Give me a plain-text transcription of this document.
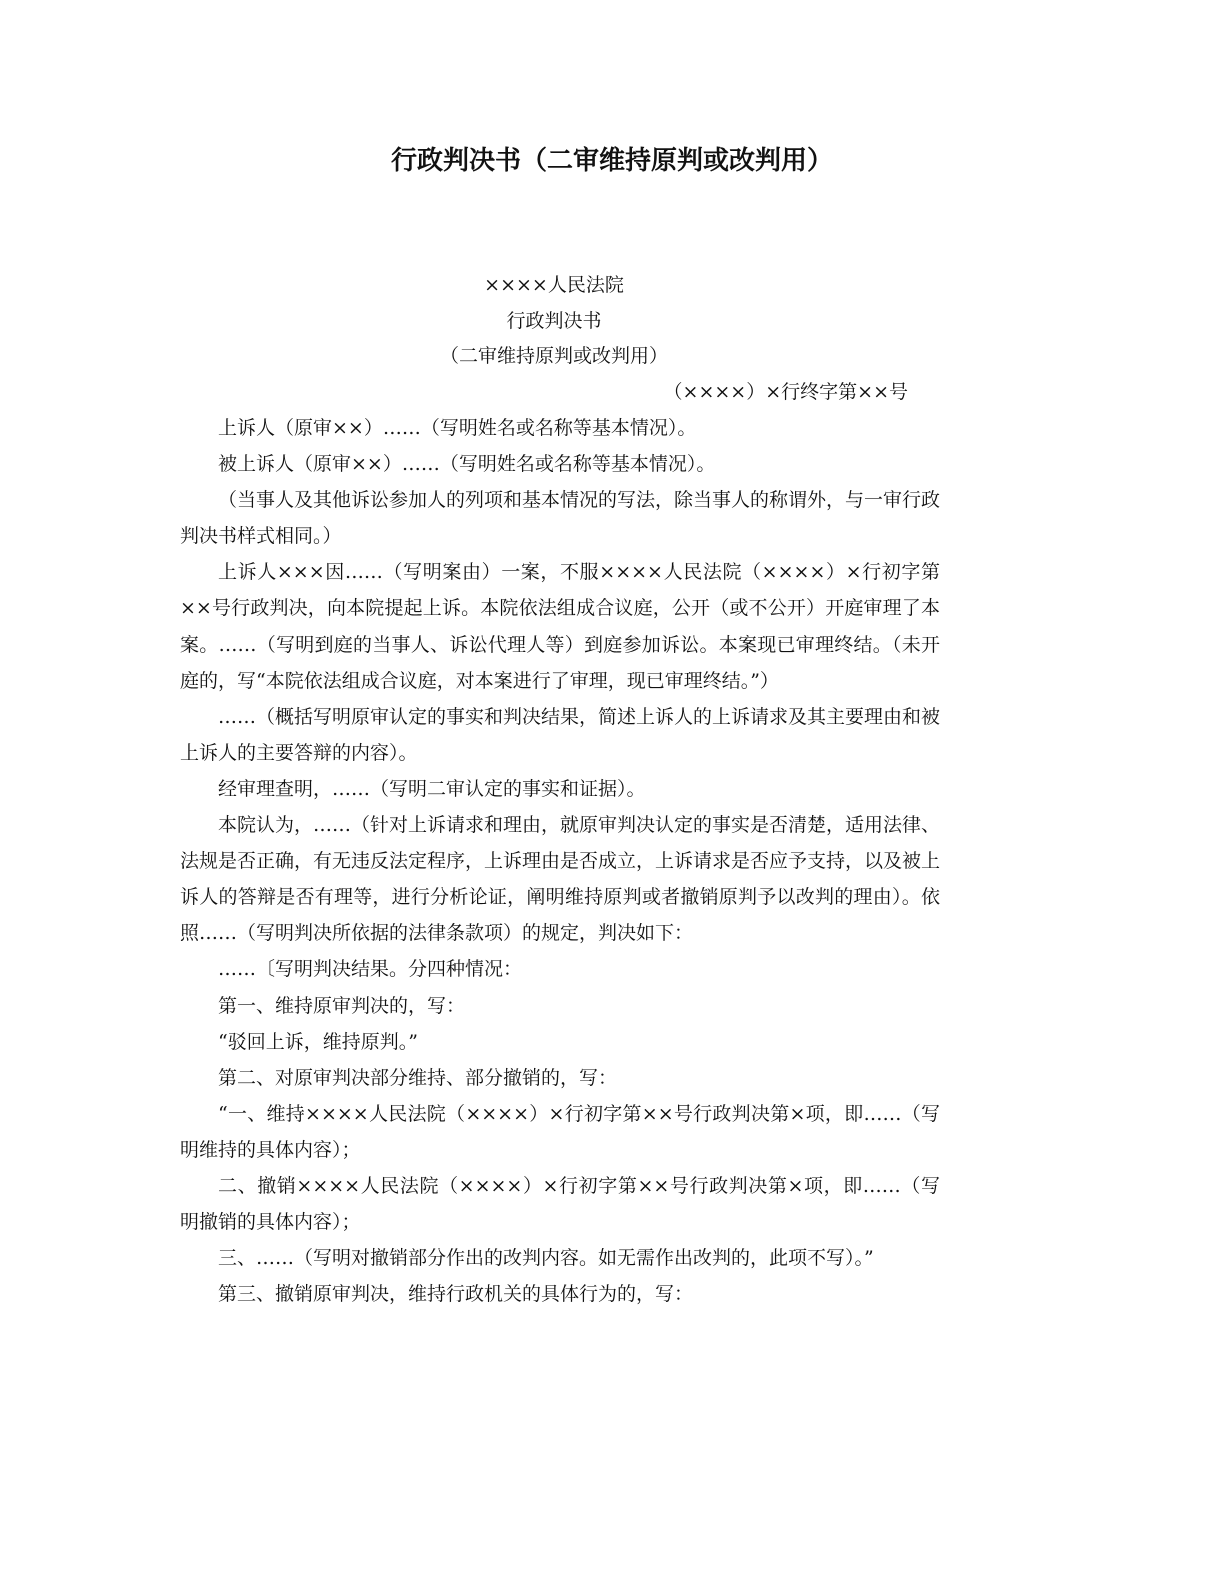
行政判决书（二审维持原判或改判用）
××××人民法院
行政判决书
（二审维持原判或改判用）
（××××）×行终字第××号

上诉人（原审××）……（写明姓名或名称等基本情况）。

被上诉人（原审××）……（写明姓名或名称等基本情况）。

（当事人及其他诉讼参加人的列项和基本情况的写法，除当事人的称谓外，与一审行政判决书样式相同。）

上诉人×××因……（写明案由）一案，不服××××人民法院（××××）×行初字第××号行政判决，向本院提起上诉。本院依法组成合议庭，公开（或不公开）开庭审理了本案。……（写明到庭的当事人、诉讼代理人等）到庭参加诉讼。本案现已审理终结。（未开庭的，写“本院依法组成合议庭，对本案进行了审理，现已审理终结。”）

……（概括写明原审认定的事实和判决结果，简述上诉人的上诉请求及其主要理由和被上诉人的主要答辩的内容）。

经审理查明，……（写明二审认定的事实和证据）。

本院认为，……（针对上诉请求和理由，就原审判决认定的事实是否清楚，适用法律、法规是否正确，有无违反法定程序，上诉理由是否成立，上诉请求是否应予支持，以及被上诉人的答辩是否有理等，进行分析论证，阐明维持原判或者撤销原判予以改判的理由）。依照……（写明判决所依据的法律条款项）的规定，判决如下：

……〔写明判决结果。分四种情况：

第一、维持原审判决的，写：

“驳回上诉，维持原判。”

第二、对原审判决部分维持、部分撤销的，写：

“一、维持××××人民法院（××××）×行初字第××号行政判决第×项，即……（写明维持的具体内容）；

二、撤销××××人民法院（××××）×行初字第××号行政判决第×项，即……（写明撤销的具体内容）；

三、……（写明对撤销部分作出的改判内容。如无需作出改判的，此项不写）。”

第三、撤销原审判决，维持行政机关的具体行为的，写：
